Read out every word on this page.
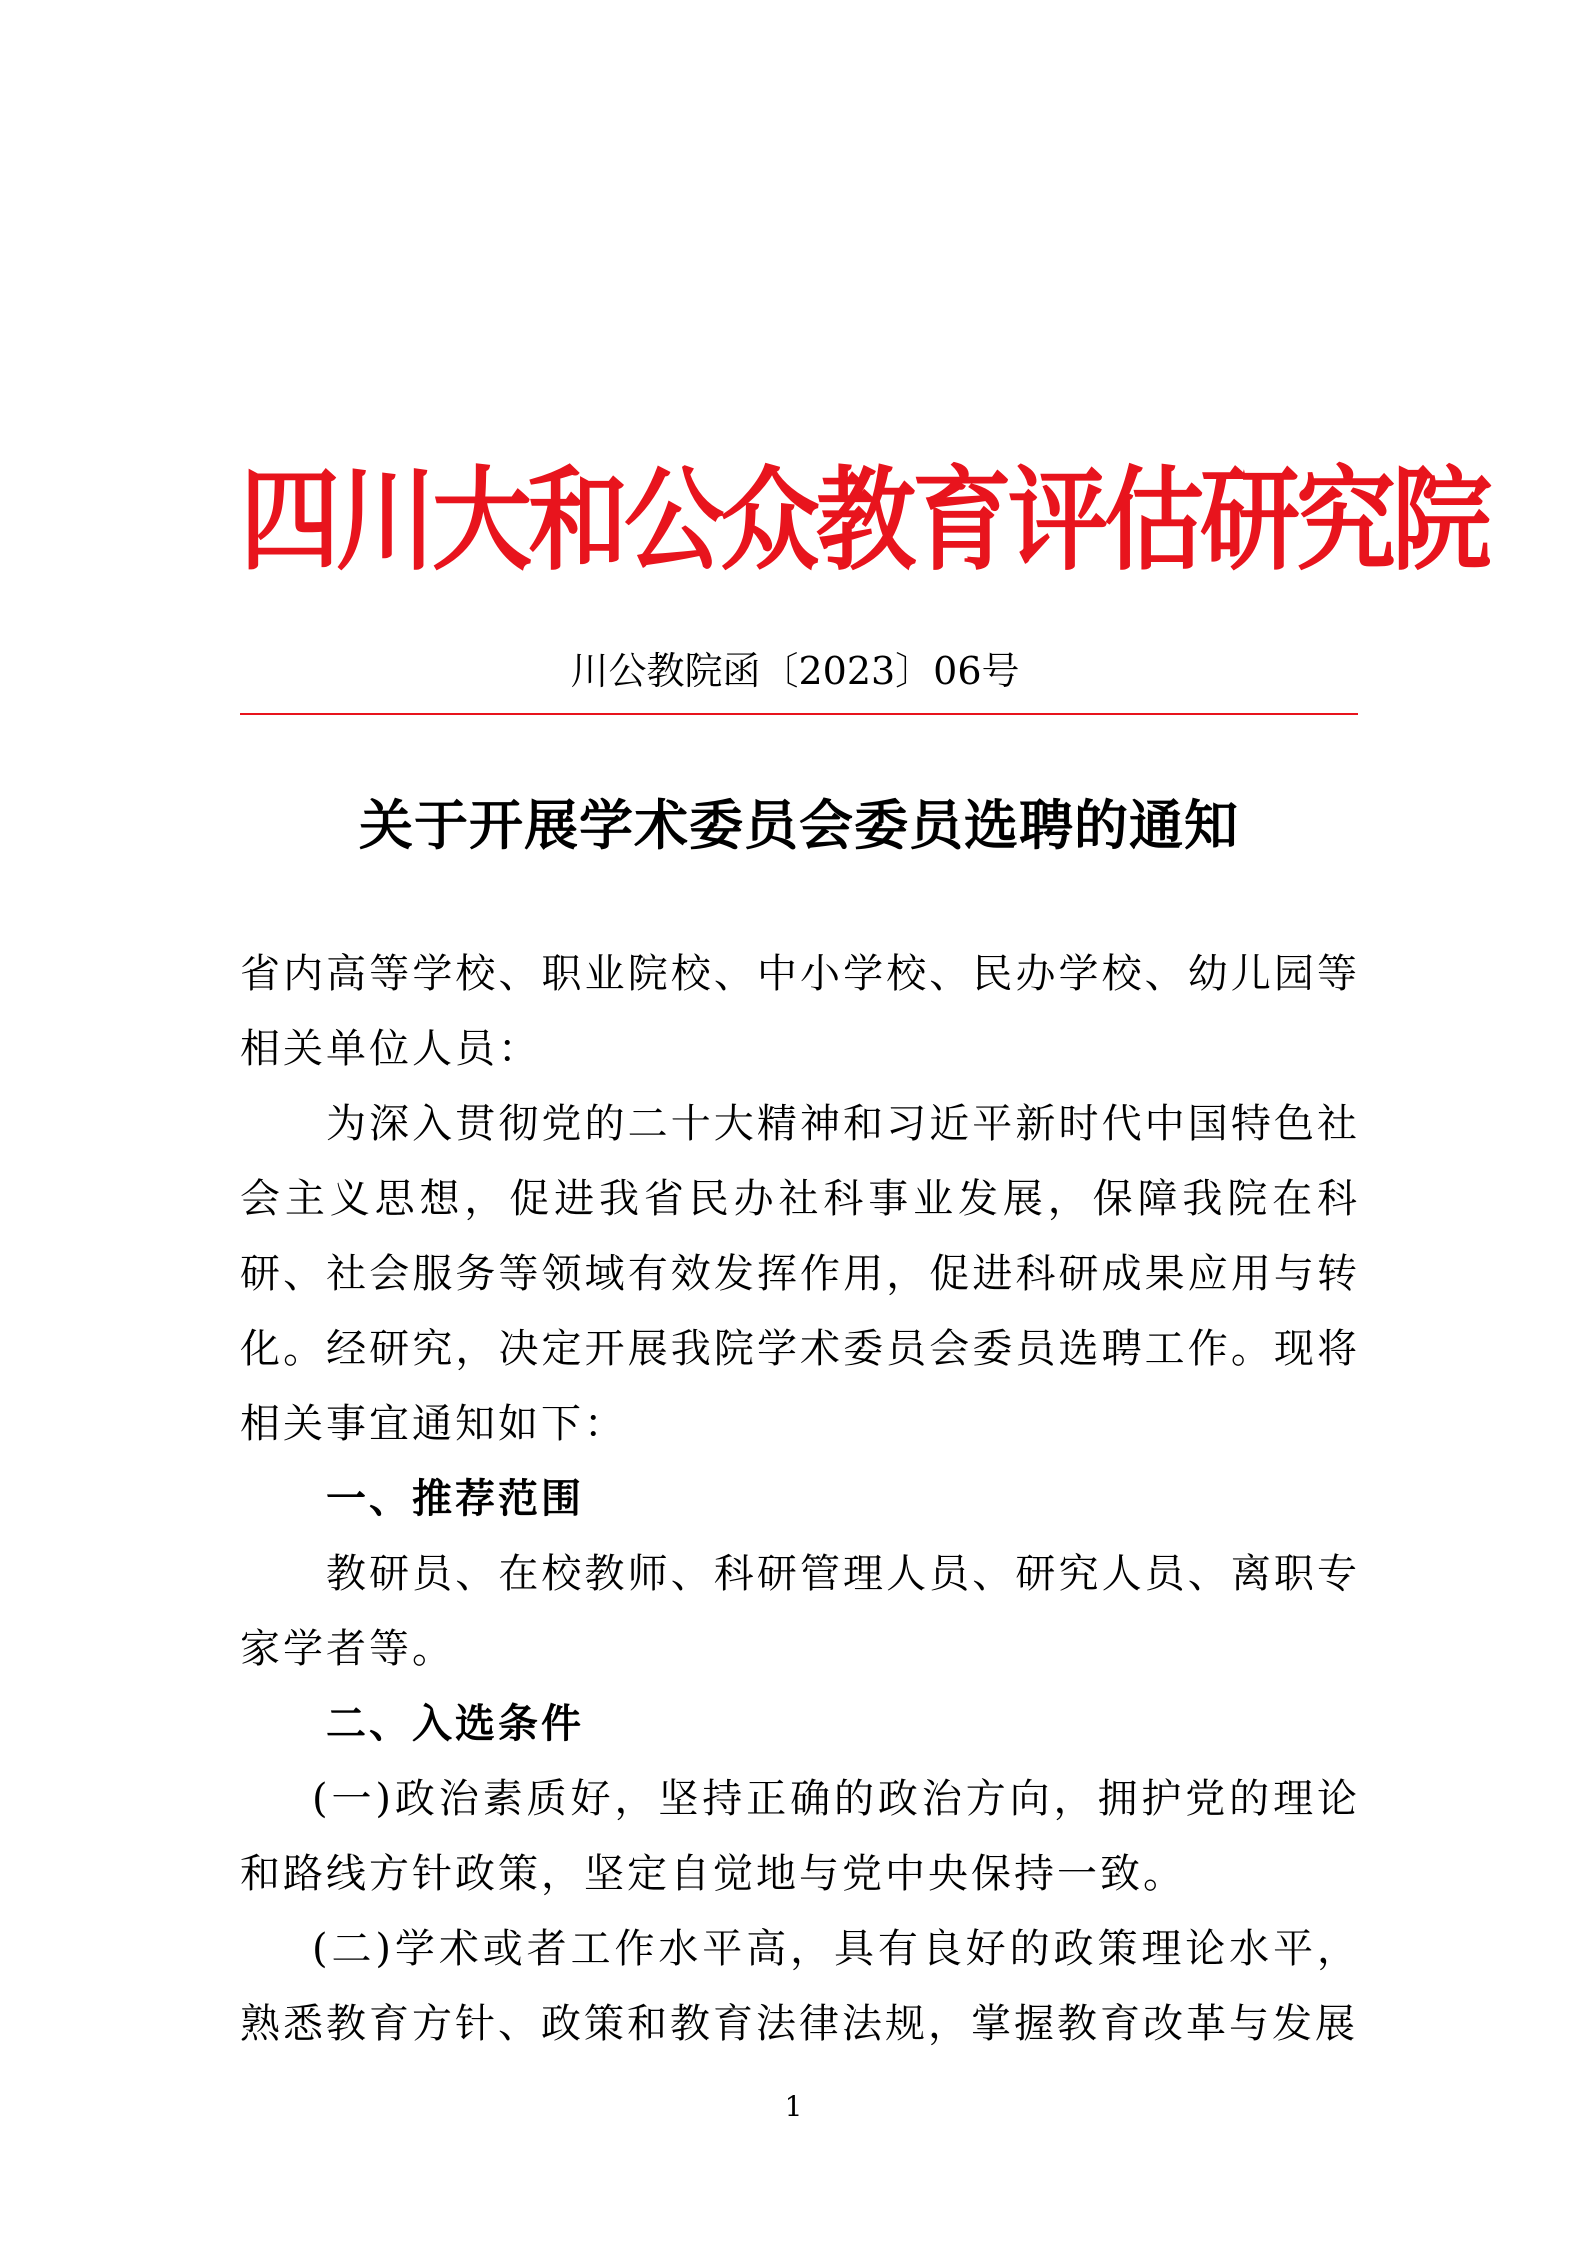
四川大和公众教育评估研究院
川公教院函〔2023〕06号
关于开展学术委员会委员选聘的通知

省内高等学校、职业院校、中小学校、民办学校、幼儿园等相关单位人员：

为深入贯彻党的二十大精神和习近平新时代中国特色社会主义思想，促进我省民办社科事业发展，保障我院在科研、社会服务等领域有效发挥作用，促进科研成果应用与转化。经研究，决定开展我院学术委员会委员选聘工作。现将相关事宜通知如下：

一、推荐范围

教研员、在校教师、科研管理人员、研究人员、离职专家学者等。

二、入选条件

(一)政治素质好，坚持正确的政治方向，拥护党的理论和路线方针政策，坚定自觉地与党中央保持一致。

(二)学术或者工作水平高，具有良好的政策理论水平，熟悉教育方针、政策和教育法律法规，掌握教育改革与发展

1
